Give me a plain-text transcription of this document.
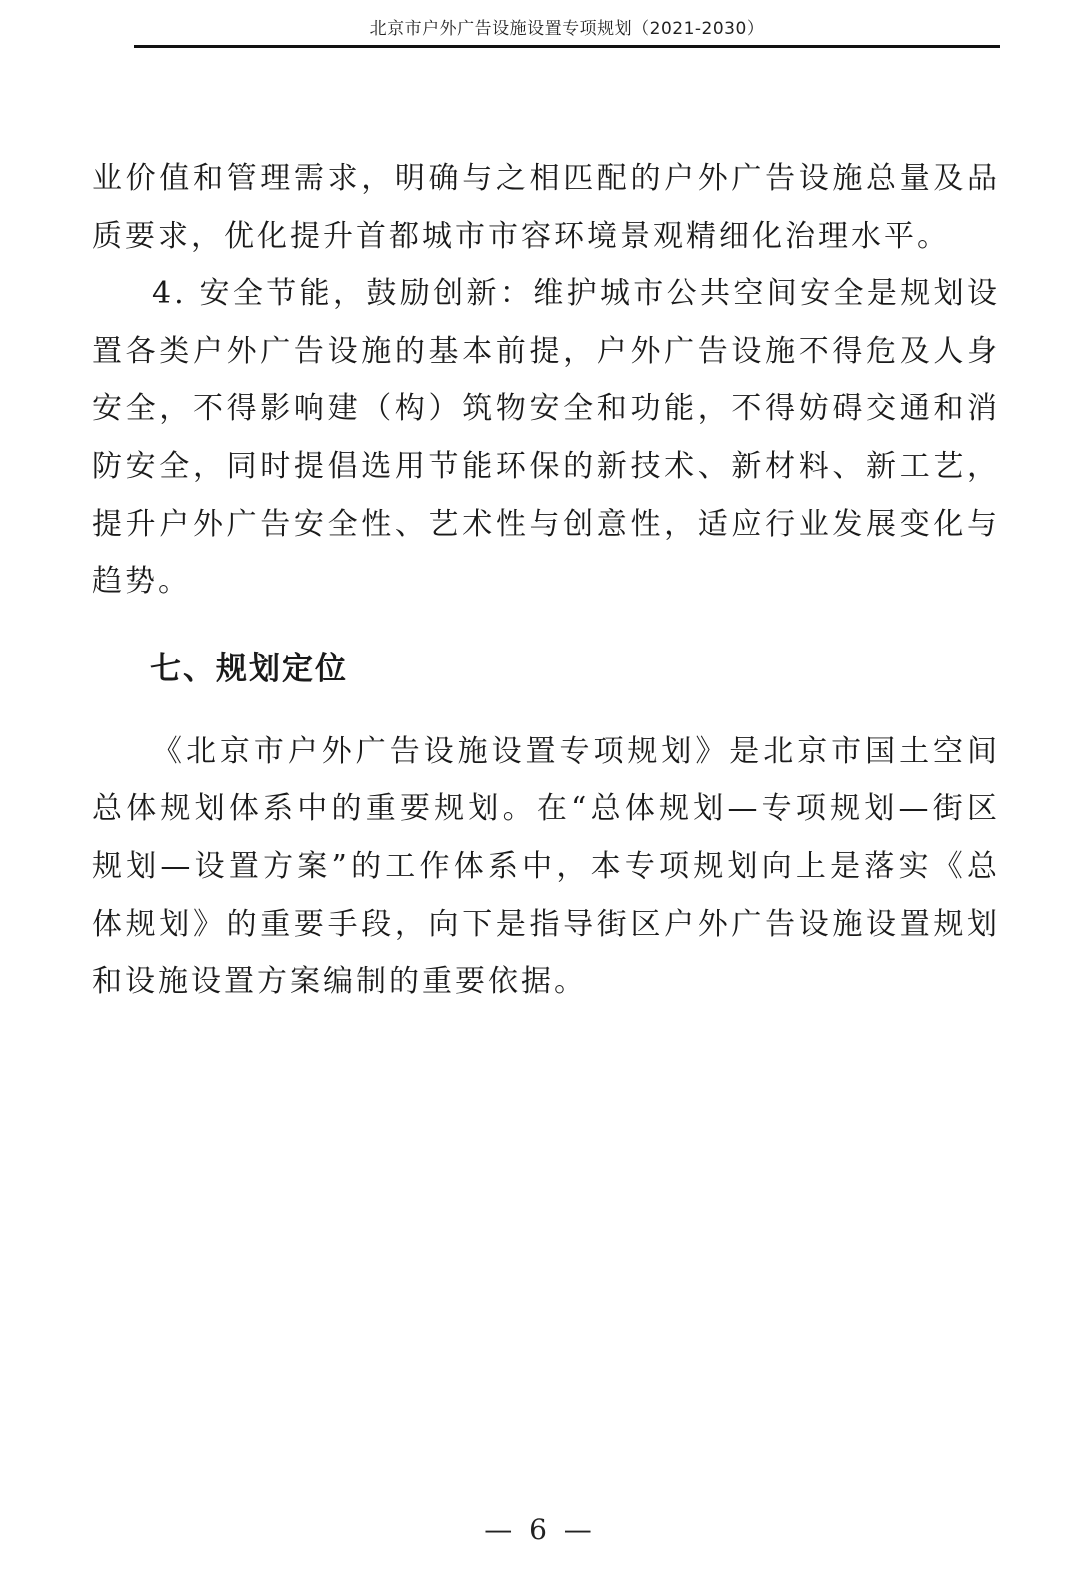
北京市户外广告设施设置专项规划（2021-2030）

业价值和管理需求，明确与之相匹配的户外广告设施总量及品质要求，优化提升首都城市市容环境景观精细化治理水平。

4. 安全节能，鼓励创新：维护城市公共空间安全是规划设置各类户外广告设施的基本前提，户外广告设施不得危及人身安全，不得影响建（构）筑物安全和功能，不得妨碍交通和消防安全，同时提倡选用节能环保的新技术、新材料、新工艺，提升户外广告安全性、艺术性与创意性，适应行业发展变化与趋势。

七、规划定位

《北京市户外广告设施设置专项规划》是北京市国土空间总体规划体系中的重要规划。在“总体规划—专项规划—街区规划—设置方案”的工作体系中，本专项规划向上是落实《总体规划》的重要手段，向下是指导街区户外广告设施设置规划和设施设置方案编制的重要依据。

— 6 —
